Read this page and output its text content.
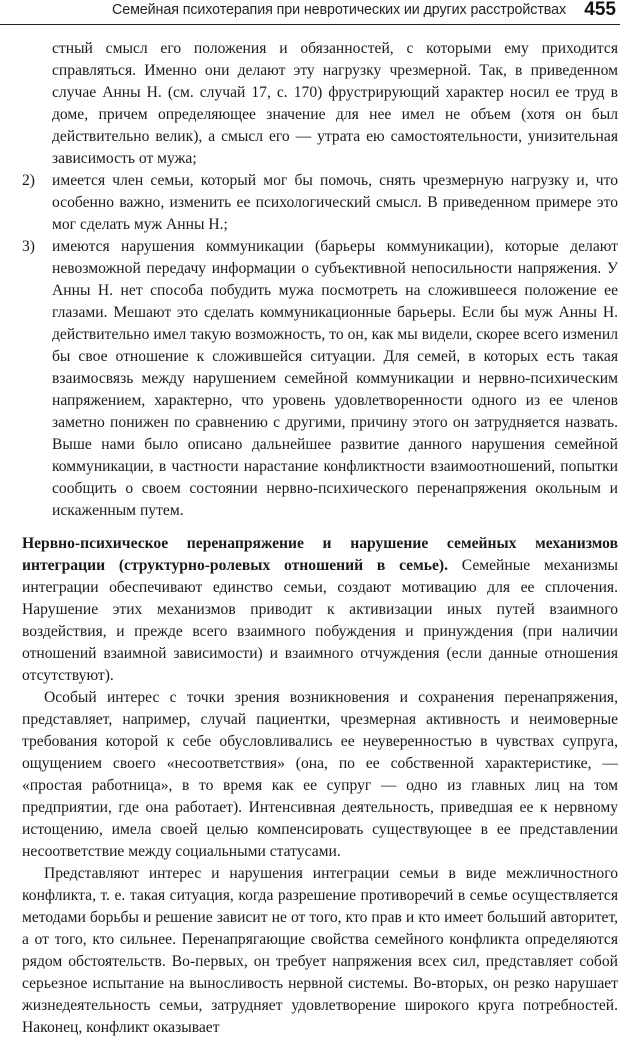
Семейная психотерапия при невротических ии других расстройствах 455

стный смысл его положения и обязанностей, с которыми ему приходится справляться. Именно они делают эту нагрузку чрезмерной. Так, в приведенном случае Анны Н. (см. случай 17, с. 170) фрустрирующий характер носил ее труд в доме, причем определяющее значение для нее имел не объем (хотя он был действительно велик), а смысл его — утрата ею самостоятельности, унизительная зависимость от мужа;

2) имеется член семьи, который мог бы помочь, снять чрезмерную нагрузку и, что особенно важно, изменить ее психологический смысл. В приведенном примере это мог сделать муж Анны Н.;

3) имеются нарушения коммуникации (барьеры коммуникации), которые делают невозможной передачу информации о субъективной непосильности напряжения. У Анны Н. нет способа побудить мужа посмотреть на сложившееся положение ее глазами. Мешают это сделать коммуникационные барьеры. Если бы муж Анны Н. действительно имел такую возможность, то он, как мы видели, скорее всего изменил бы свое отношение к сложившейся ситуации. Для семей, в которых есть такая взаимосвязь между нарушением семейной коммуникации и нервно-психическим напряжением, характерно, что уровень удовлетворенности одного из ее членов заметно понижен по сравнению с другими, причину этого он затрудняется назвать. Выше нами было описано дальнейшее развитие данного нарушения семейной коммуникации, в частности нарастание конфликтности взаимоотношений, попытки сообщить о своем состоянии нервно-психического перенапряжения окольным и искаженным путем.

Нервно-психическое перенапряжение и нарушение семейных механизмов интеграции (структурно-ролевых отношений в семье). Семейные механизмы интеграции обеспечивают единство семьи, создают мотивацию для ее сплочения. Нарушение этих механизмов приводит к активизации иных путей взаимного воздействия, и прежде всего взаимного побуждения и принуждения (при наличии отношений взаимной зависимости) и взаимного отчуждения (если данные отношения отсутствуют).

Особый интерес с точки зрения возникновения и сохранения перенапряжения, представляет, например, случай пациентки, чрезмерная активность и неимоверные требования которой к себе обусловливались ее неуверенностью в чувствах супруга, ощущением своего «несоответствия» (она, по ее собственной характеристике, — «простая работница», в то время как ее супруг — одно из главных лиц на том предприятии, где она работает). Интенсивная деятельность, приведшая ее к нервному истощению, имела своей целью компенсировать существующее в ее представлении несоответствие между социальными статусами.

Представляют интерес и нарушения интеграции семьи в виде межличностного конфликта, т. е. такая ситуация, когда разрешение противоречий в семье осуществляется методами борьбы и решение зависит не от того, кто прав и кто имеет больший авторитет, а от того, кто сильнее. Перенапрягающие свойства семейного конфликта определяются рядом обстоятельств. Во-первых, он требует напряжения всех сил, представляет собой серьезное испытание на выносливость нервной системы. Во-вторых, он резко нарушает жизнедеятельность семьи, затрудняет удовлетворение широкого круга потребностей. Наконец, конфликт оказывает
